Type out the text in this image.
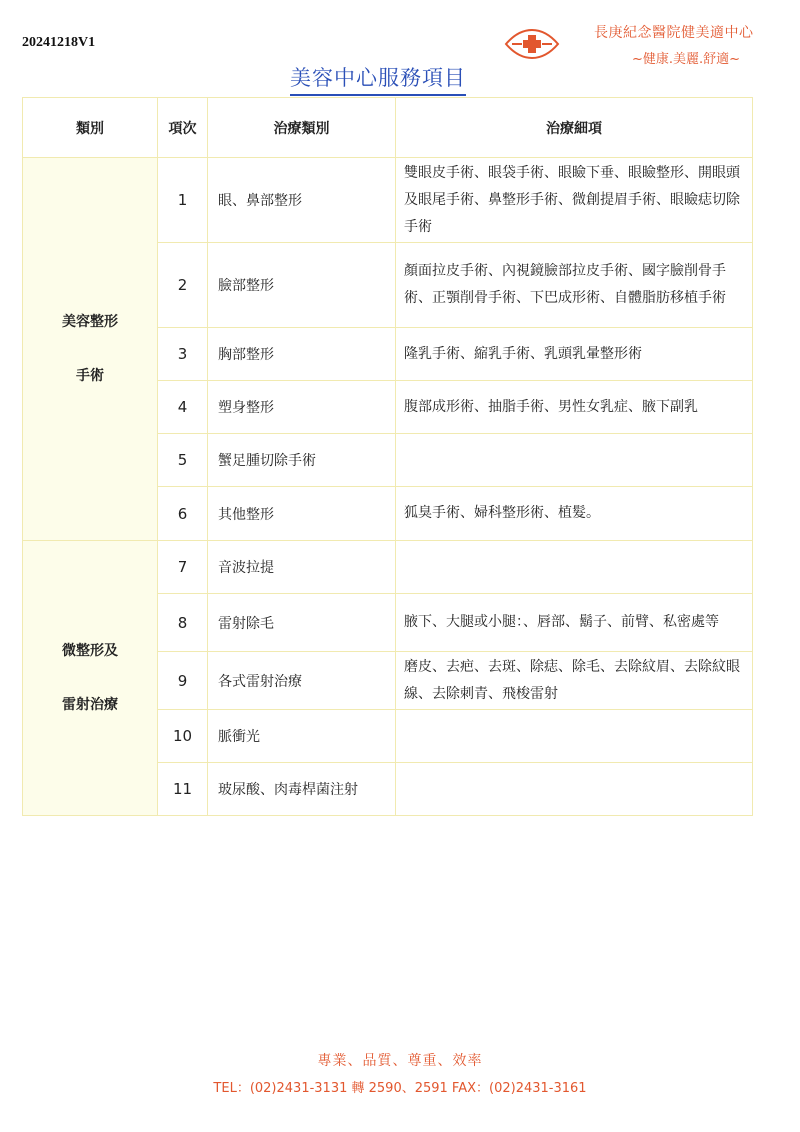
20241218V1
長庚紀念醫院健美適中心
~健康.美麗.舒適~
美容中心服務項目
類別	項次	治療類別	治療細項

美容整形
手術	1	眼、鼻部整形	雙眼皮手術、眼袋手術、眼瞼下垂、眼瞼整形、開眼頭及眼尾手術、鼻整形手術、微創提眉手術、眼瞼痣切除手術
	2	臉部整形	顏面拉皮手術、內視鏡臉部拉皮手術、國字臉削骨手術、正顎削骨手術、下巴成形術、自體脂肪移植手術
	3	胸部整形	隆乳手術、縮乳手術、乳頭乳暈整形術
	4	塑身整形	腹部成形術、抽脂手術、男性女乳症、腋下副乳
	5	蟹足腫切除手術	
	6	其他整形	狐臭手術、婦科整形術、植髮。

微整形及
雷射治療	7	音波拉提	
	8	雷射除毛	腋下、大腿或小腿：、唇部、鬍子、前臂、私密處等
	9	各式雷射治療	磨皮、去疤、去斑、除痣、除毛、去除紋眉、去除紋眼線、去除刺青、飛梭雷射
	10	脈衝光	
	11	玻尿酸、肉毒桿菌注射	
專業、品質、尊重、效率
TEL：(02)2431-3131 轉 2590、2591 FAX：(02)2431-3161
